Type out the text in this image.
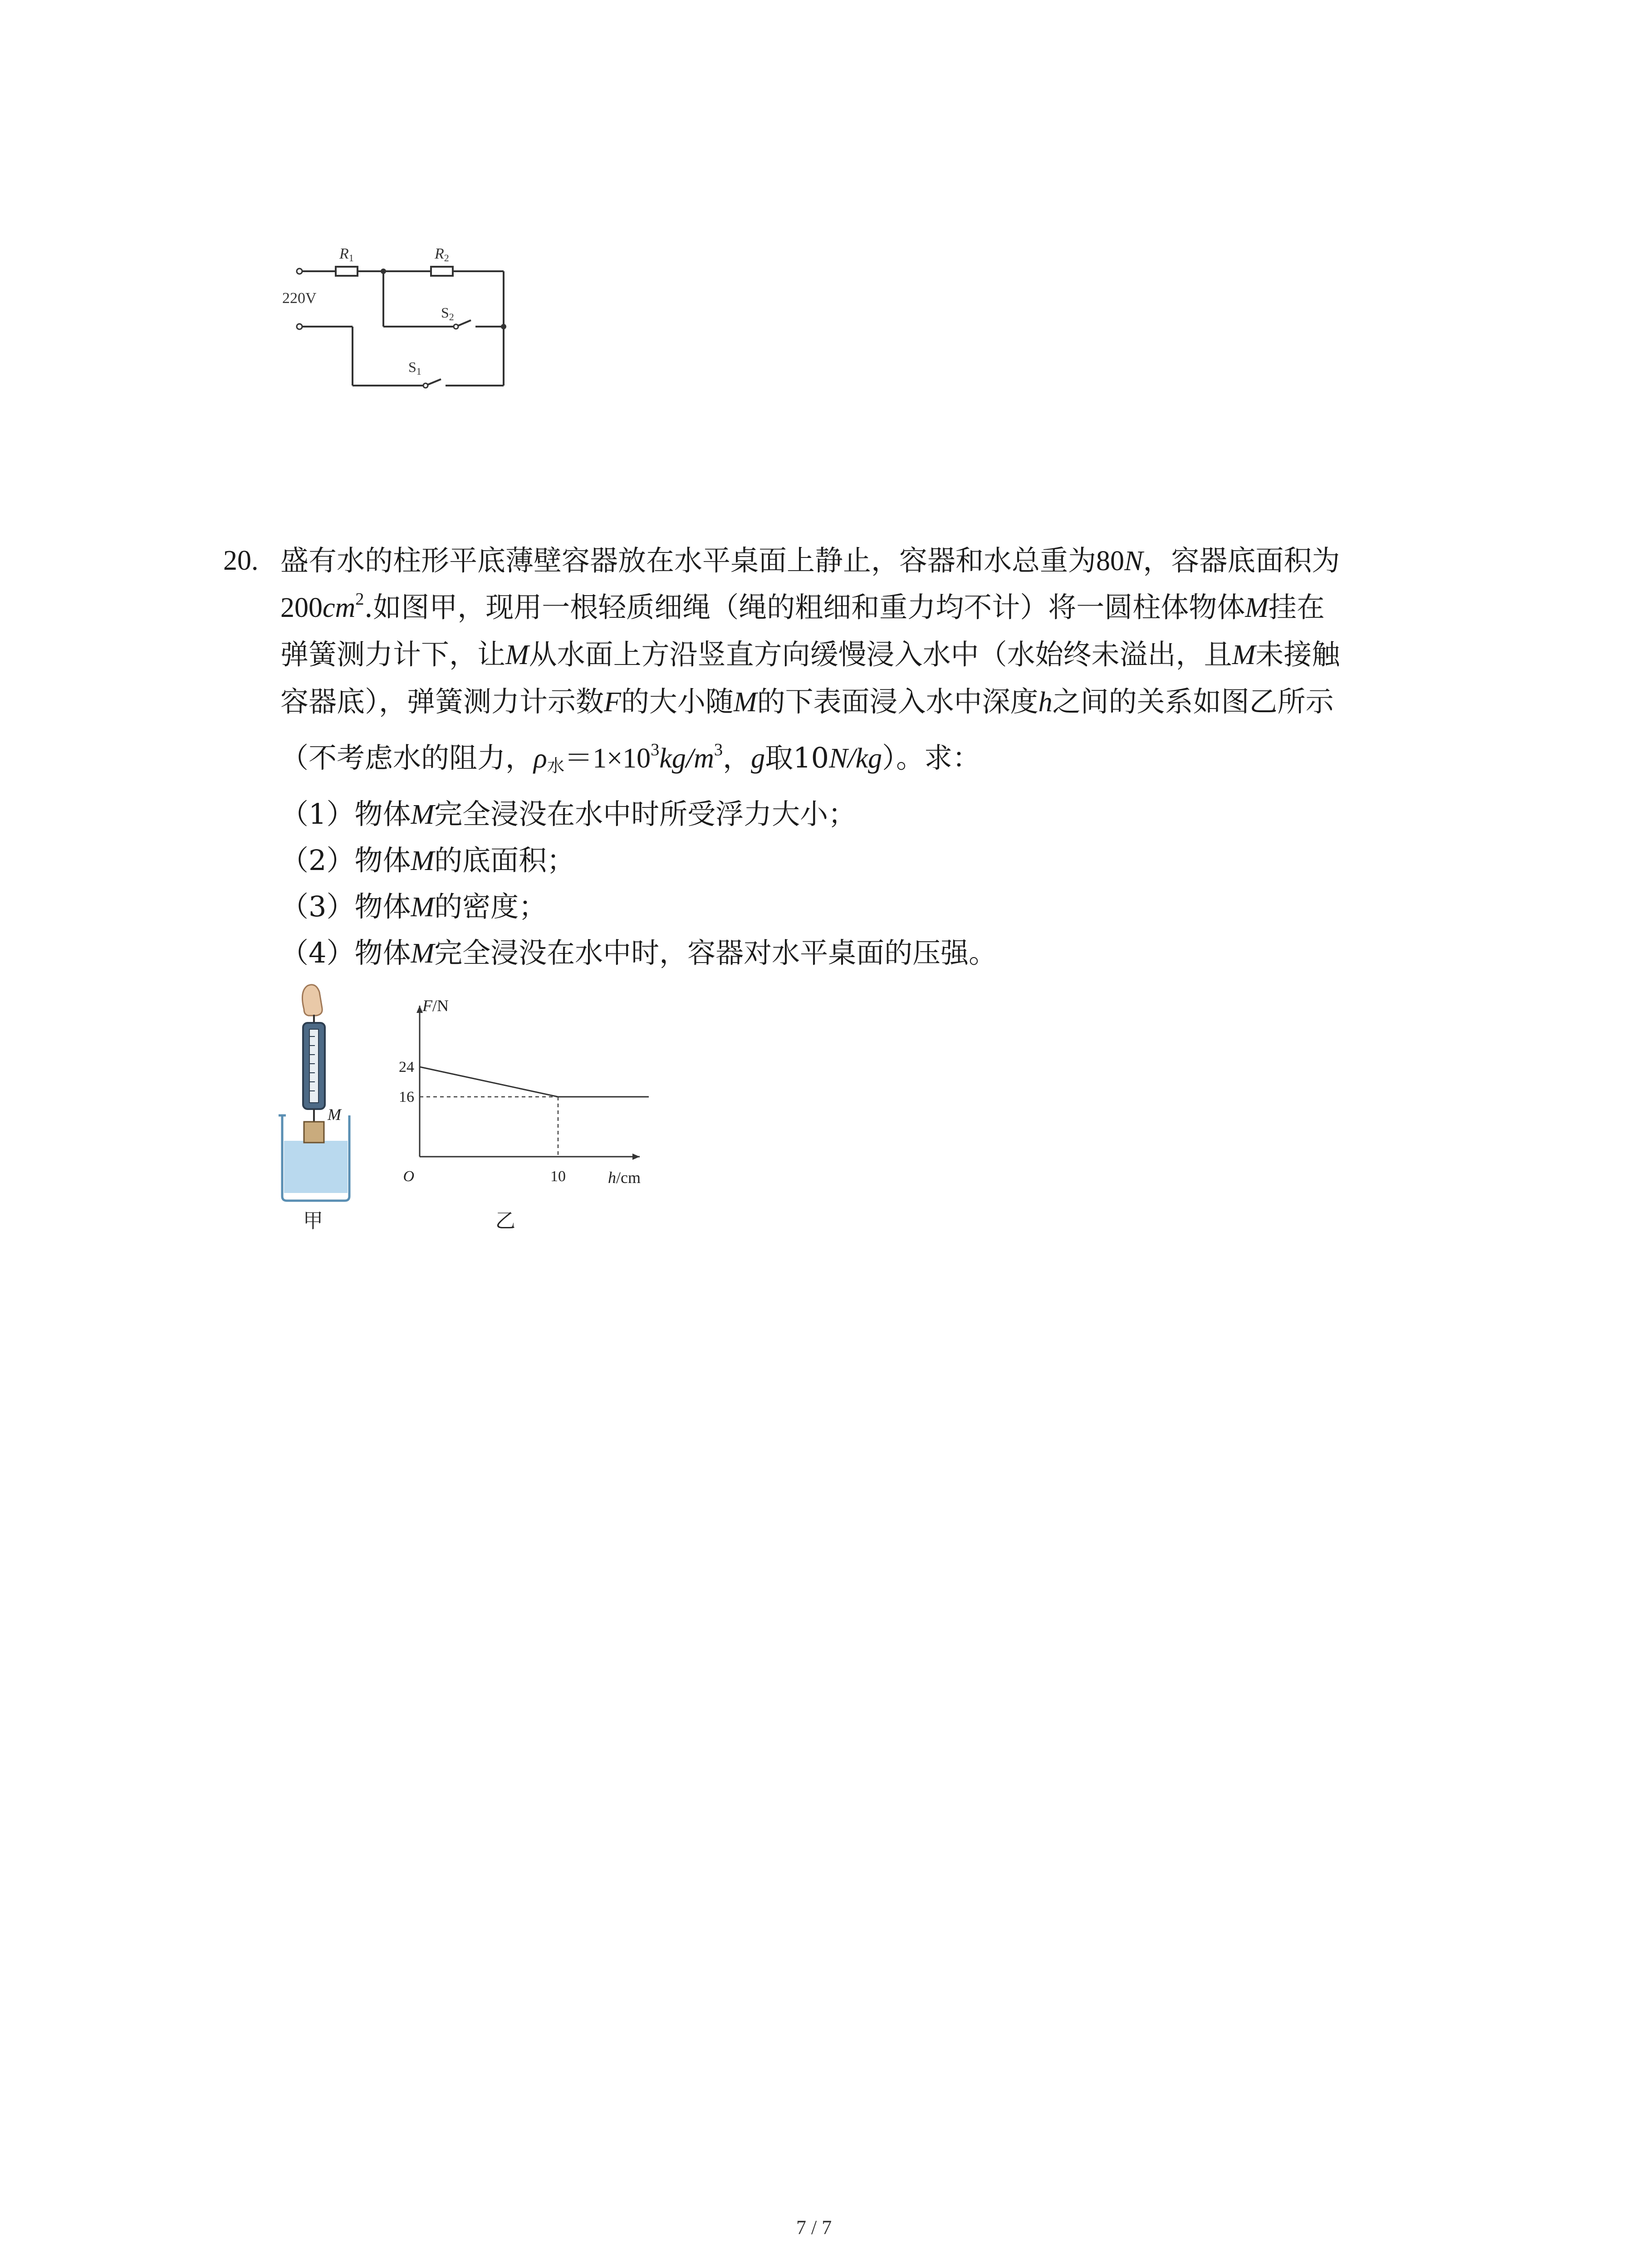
R1	R2
220V
S2
S1
20. 盛有水的柱形平底薄壁容器放在水平桌面上静止，容器和水总重为80N，容器底面积为
$200cm^2$.如图甲，现用一根轻质细绳（绳的粗细和重力均不计）将一圆柱体物体M挂在
弹簧测力计下，让M从水面上方沿竖直方向缓慢浸入水中（水始终未溢出，且M未接触
容器底），弹簧测力计示数F的大小随M的下表面浸入水中深度h之间的关系如图乙所示
（不考虑水的阻力，$\rho_水=1\times 10^3kg/m^3$，g取10N/kg）。求：
（1）物体M完全浸没在水中时所受浮力大小；
（2）物体M的底面积；
（3）物体M的密度；
（4）物体M完全浸没在水中时，容器对水平桌面的压强。
M
甲
24
16
10
O
F/N
h/cm
乙
7 / 7
